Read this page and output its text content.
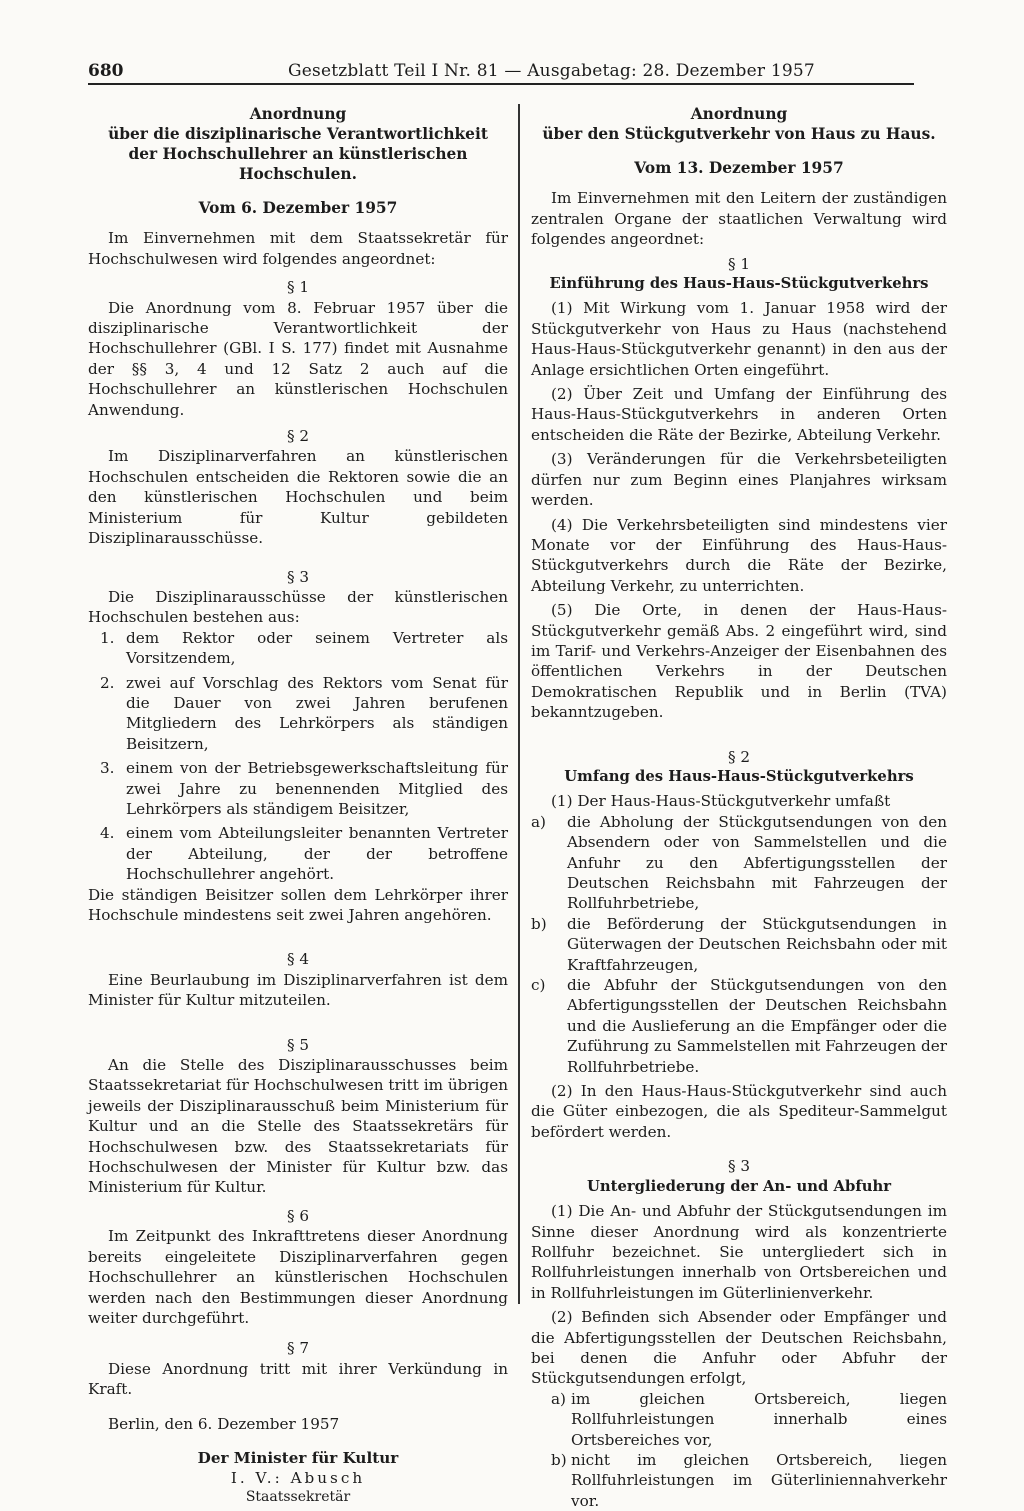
680	Gesetzblatt Teil I Nr. 81 — Ausgabetag: 28. Dezember 1957
Anordnung
über die disziplinarische Verantwortlichkeit
der Hochschullehrer an künstlerischen Hochschulen.
Vom 6. Dezember 1957
Im Einvernehmen mit dem Staatssekretär für Hochschulwesen wird folgendes angeordnet:
§ 1
Die Anordnung vom 8. Februar 1957 über die disziplinarische Verantwortlichkeit der Hochschullehrer (GBl. I S. 177) findet mit Ausnahme der §§ 3, 4 und 12 Satz 2 auch auf die Hochschullehrer an künstlerischen Hochschulen Anwendung.
§ 2
Im Disziplinarverfahren an künstlerischen Hochschulen entscheiden die Rektoren sowie die an den künstlerischen Hochschulen und beim Ministerium für Kultur gebildeten Disziplinarausschüsse.
§ 3
Die Disziplinarausschüsse der künstlerischen Hochschulen bestehen aus:
1. dem Rektor oder seinem Vertreter als Vorsitzendem,
2. zwei auf Vorschlag des Rektors vom Senat für die Dauer von zwei Jahren berufenen Mitgliedern des Lehrkörpers als ständigen Beisitzern,
3. einem von der Betriebsgewerkschaftsleitung für zwei Jahre zu benennenden Mitglied des Lehrkörpers als ständigem Beisitzer,
4. einem vom Abteilungsleiter benannten Vertreter der Abteilung, der der betroffene Hochschullehrer angehört.
Die ständigen Beisitzer sollen dem Lehrkörper ihrer Hochschule mindestens seit zwei Jahren angehören.
§ 4
Eine Beurlaubung im Disziplinarverfahren ist dem Minister für Kultur mitzuteilen.
§ 5
An die Stelle des Disziplinarausschusses beim Staatssekretariat für Hochschulwesen tritt im übrigen jeweils der Disziplinarausschuß beim Ministerium für Kultur und an die Stelle des Staatssekretärs für Hochschulwesen bzw. des Staatssekretariats für Hochschulwesen der Minister für Kultur bzw. das Ministerium für Kultur.
§ 6
Im Zeitpunkt des Inkrafttretens dieser Anordnung bereits eingeleitete Disziplinarverfahren gegen Hochschullehrer an künstlerischen Hochschulen werden nach den Bestimmungen dieser Anordnung weiter durchgeführt.
§ 7
Diese Anordnung tritt mit ihrer Verkündung in Kraft.
Berlin, den 6. Dezember 1957
Der Minister für Kultur
I. V.: Abusch
Staatssekretär
Anordnung
über den Stückgutverkehr von Haus zu Haus.
Vom 13. Dezember 1957
Im Einvernehmen mit den Leitern der zuständigen zentralen Organe der staatlichen Verwaltung wird folgendes angeordnet:
§ 1
Einführung des Haus-Haus-Stückgutverkehrs
(1) Mit Wirkung vom 1. Januar 1958 wird der Stückgutverkehr von Haus zu Haus (nachstehend Haus-Haus-Stückgutverkehr genannt) in den aus der Anlage ersichtlichen Orten eingeführt.
(2) Über Zeit und Umfang der Einführung des Haus-Haus-Stückgutverkehrs in anderen Orten entscheiden die Räte der Bezirke, Abteilung Verkehr.
(3) Veränderungen für die Verkehrsbeteiligten dürfen nur zum Beginn eines Planjahres wirksam werden.
(4) Die Verkehrsbeteiligten sind mindestens vier Monate vor der Einführung des Haus-Haus-Stückgutverkehrs durch die Räte der Bezirke, Abteilung Verkehr, zu unterrichten.
(5) Die Orte, in denen der Haus-Haus-Stückgutverkehr gemäß Abs. 2 eingeführt wird, sind im Tarif- und Verkehrs-Anzeiger der Eisenbahnen des öffentlichen Verkehrs in der Deutschen Demokratischen Republik und in Berlin (TVA) bekanntzugeben.
§ 2
Umfang des Haus-Haus-Stückgutverkehrs
(1) Der Haus-Haus-Stückgutverkehr umfaßt
a) die Abholung der Stückgutsendungen von den Absendern oder von Sammelstellen und die Anfuhr zu den Abfertigungsstellen der Deutschen Reichsbahn mit Fahrzeugen der Rollfuhrbetriebe,
b) die Beförderung der Stückgutsendungen in Güterwagen der Deutschen Reichsbahn oder mit Kraftfahrzeugen,
c) die Abfuhr der Stückgutsendungen von den Abfertigungsstellen der Deutschen Reichsbahn und die Auslieferung an die Empfänger oder die Zuführung zu Sammelstellen mit Fahrzeugen der Rollfuhrbetriebe.
(2) In den Haus-Haus-Stückgutverkehr sind auch die Güter einbezogen, die als Spediteur-Sammelgut befördert werden.
§ 3
Untergliederung der An- und Abfuhr
(1) Die An- und Abfuhr der Stückgutsendungen im Sinne dieser Anordnung wird als konzentrierte Rollfuhr bezeichnet. Sie untergliedert sich in Rollfuhrleistungen innerhalb von Ortsbereichen und in Rollfuhrleistungen im Güterlinienverkehr.
(2) Befinden sich Absender oder Empfänger und die Abfertigungsstellen der Deutschen Reichsbahn, bei denen die Anfuhr oder Abfuhr der Stückgutsendungen erfolgt,
a) im gleichen Ortsbereich, liegen Rollfuhrleistungen innerhalb eines Ortsbereiches vor,
b) nicht im gleichen Ortsbereich, liegen Rollfuhrleistungen im Güterliniennahverkehr vor.
